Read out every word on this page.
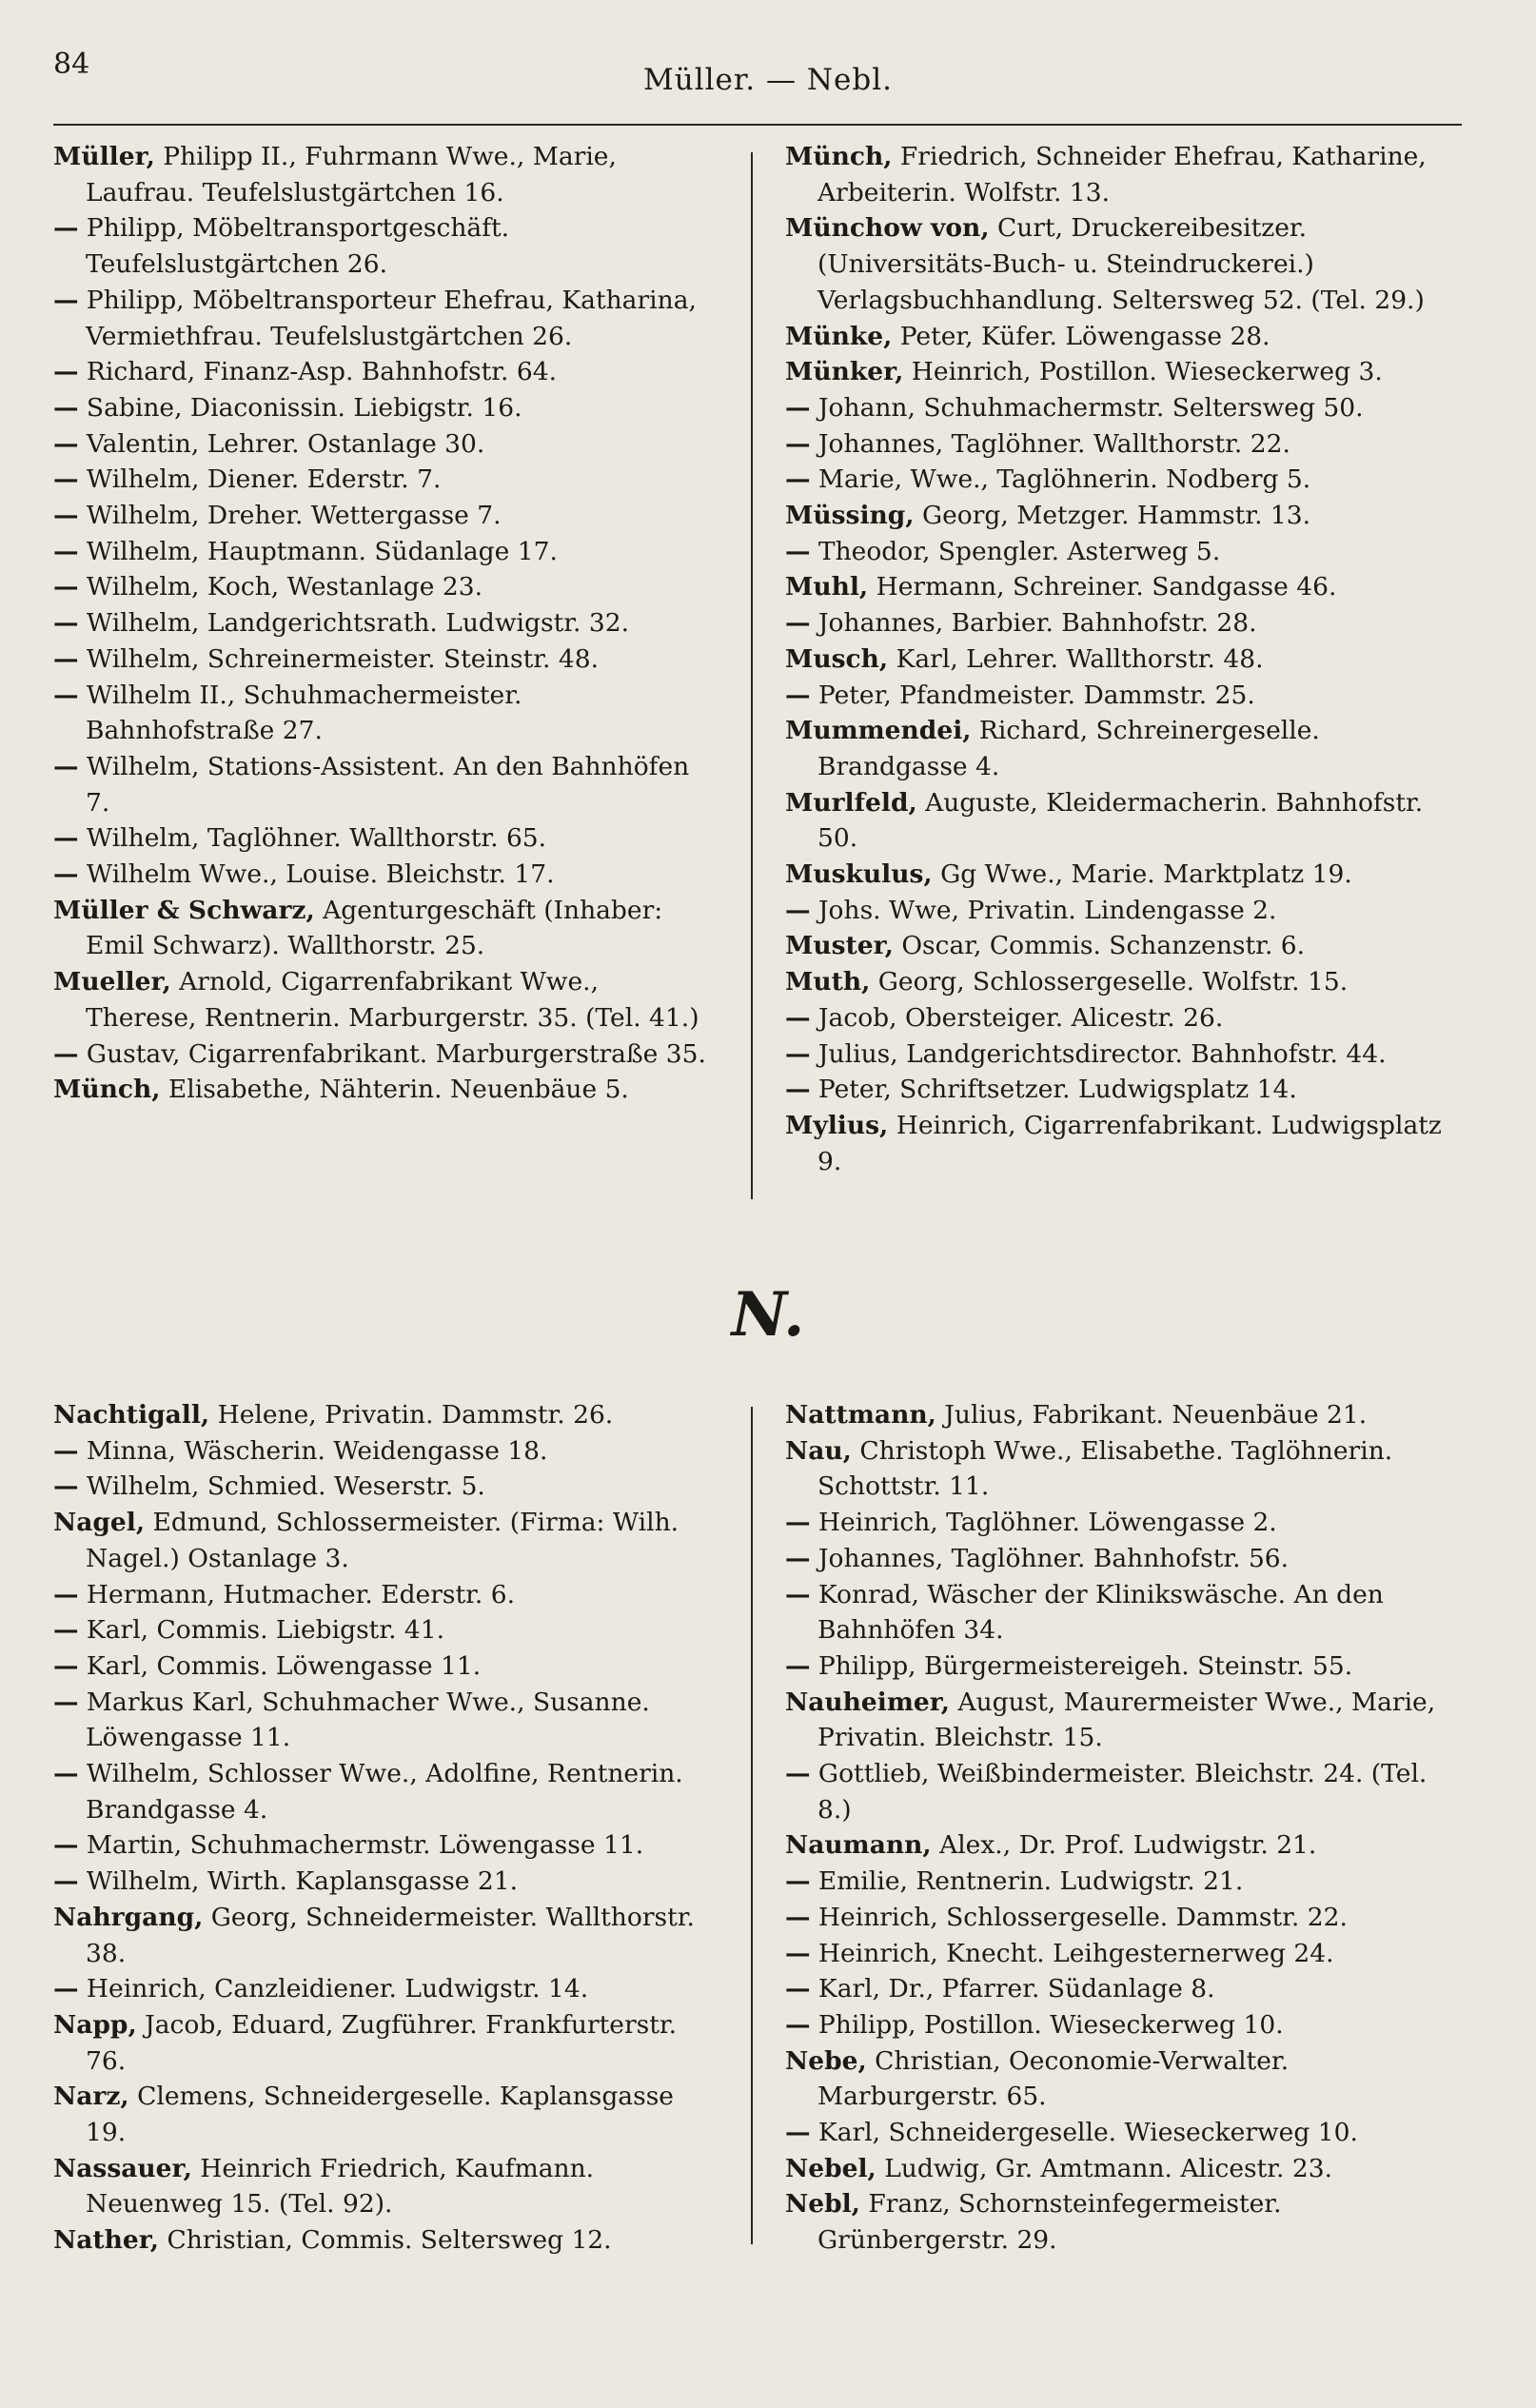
84	Müller. — Nebl.

Müller, Philipp II., Fuhrmann Wwe., Marie, Laufrau. Teufelslustgärtchen 16.

— Philipp, Möbeltransportgeschäft. Teufelslustgärtchen 26.

— Philipp, Möbeltransporteur Ehefrau, Katharina, Vermiethfrau. Teufelslustgärtchen 26.

— Richard, Finanz-Asp. Bahnhofstr. 64.

— Sabine, Diaconissin. Liebigstr. 16.

— Valentin, Lehrer. Ostanlage 30.

— Wilhelm, Diener. Ederstr. 7.

— Wilhelm, Dreher. Wettergasse 7.

— Wilhelm, Hauptmann. Südanlage 17.

— Wilhelm, Koch, Westanlage 23.

— Wilhelm, Landgerichtsrath. Ludwigstr. 32.

— Wilhelm, Schreinermeister. Steinstr. 48.

— Wilhelm II., Schuhmachermeister. Bahnhofstraße 27.

— Wilhelm, Stations-Assistent. An den Bahnhöfen 7.

— Wilhelm, Taglöhner. Wallthorstr. 65.

— Wilhelm Wwe., Louise. Bleichstr. 17.

Müller & Schwarz, Agenturgeschäft (Inhaber: Emil Schwarz). Wallthorstr. 25.

Mueller, Arnold, Cigarrenfabrikant Wwe., Therese, Rentnerin. Marburgerstr. 35. (Tel. 41.)

— Gustav, Cigarrenfabrikant. Marburgerstraße 35.

Münch, Elisabethe, Nähterin. Neuenbäue 5.

Münch, Friedrich, Schneider Ehefrau, Katharine, Arbeiterin. Wolfstr. 13.

Münchow von, Curt, Druckereibesitzer. (Universitäts-Buch- u. Steindruckerei.) Verlagsbuchhandlung. Seltersweg 52. (Tel. 29.)

Münke, Peter, Küfer. Löwengasse 28.

Münker, Heinrich, Postillon. Wieseckerweg 3.

— Johann, Schuhmachermstr. Seltersweg 50.

— Johannes, Taglöhner. Wallthorstr. 22.

— Marie, Wwe., Taglöhnerin. Nodberg 5.

Müssing, Georg, Metzger. Hammstr. 13.

— Theodor, Spengler. Asterweg 5.

Muhl, Hermann, Schreiner. Sandgasse 46.

— Johannes, Barbier. Bahnhofstr. 28.

Musch, Karl, Lehrer. Wallthorstr. 48.

— Peter, Pfandmeister. Dammstr. 25.

Mummendei, Richard, Schreinergeselle. Brandgasse 4.

Murlfeld, Auguste, Kleidermacherin. Bahnhofstr. 50.

Muskulus, Gg Wwe., Marie. Marktplatz 19.

— Johs. Wwe, Privatin. Lindengasse 2.

Muster, Oscar, Commis. Schanzenstr. 6.

Muth, Georg, Schlossergeselle. Wolfstr. 15.

— Jacob, Obersteiger. Alicestr. 26.

— Julius, Landgerichtsdirector. Bahnhofstr. 44.

— Peter, Schriftsetzer. Ludwigsplatz 14.

Mylius, Heinrich, Cigarrenfabrikant. Ludwigsplatz 9.

N.

Nachtigall, Helene, Privatin. Dammstr. 26.

— Minna, Wäscherin. Weidengasse 18.

— Wilhelm, Schmied. Weserstr. 5.

Nagel, Edmund, Schlossermeister. (Firma: Wilh. Nagel.) Ostanlage 3.

— Hermann, Hutmacher. Ederstr. 6.

— Karl, Commis. Liebigstr. 41.

— Karl, Commis. Löwengasse 11.

— Markus Karl, Schuhmacher Wwe., Susanne. Löwengasse 11.

— Wilhelm, Schlosser Wwe., Adolfine, Rentnerin. Brandgasse 4.

— Martin, Schuhmachermstr. Löwengasse 11.

— Wilhelm, Wirth. Kaplansgasse 21.

Nahrgang, Georg, Schneidermeister. Wallthorstr. 38.

— Heinrich, Canzleidiener. Ludwigstr. 14.

Napp, Jacob, Eduard, Zugführer. Frankfurterstr. 76.

Narz, Clemens, Schneidergeselle. Kaplansgasse 19.

Nassauer, Heinrich Friedrich, Kaufmann. Neuenweg 15. (Tel. 92).

Nather, Christian, Commis. Seltersweg 12.

Nattmann, Julius, Fabrikant. Neuenbäue 21.

Nau, Christoph Wwe., Elisabethe. Taglöhnerin. Schottstr. 11.

— Heinrich, Taglöhner. Löwengasse 2.

— Johannes, Taglöhner. Bahnhofstr. 56.

— Konrad, Wäscher der Klinikswäsche. An den Bahnhöfen 34.

— Philipp, Bürgermeistereigeh. Steinstr. 55.

Nauheimer, August, Maurermeister Wwe., Marie, Privatin. Bleichstr. 15.

— Gottlieb, Weißbindermeister. Bleichstr. 24. (Tel. 8.)

Naumann, Alex., Dr. Prof. Ludwigstr. 21.

— Emilie, Rentnerin. Ludwigstr. 21.

— Heinrich, Schlossergeselle. Dammstr. 22.

— Heinrich, Knecht. Leihgesternerweg 24.

— Karl, Dr., Pfarrer. Südanlage 8.

— Philipp, Postillon. Wieseckerweg 10.

Nebe, Christian, Oeconomie-Verwalter. Marburgerstr. 65.

— Karl, Schneidergeselle. Wieseckerweg 10.

Nebel, Ludwig, Gr. Amtmann. Alicestr. 23.

Nebl, Franz, Schornsteinfegermeister. Grünbergerstr. 29.
